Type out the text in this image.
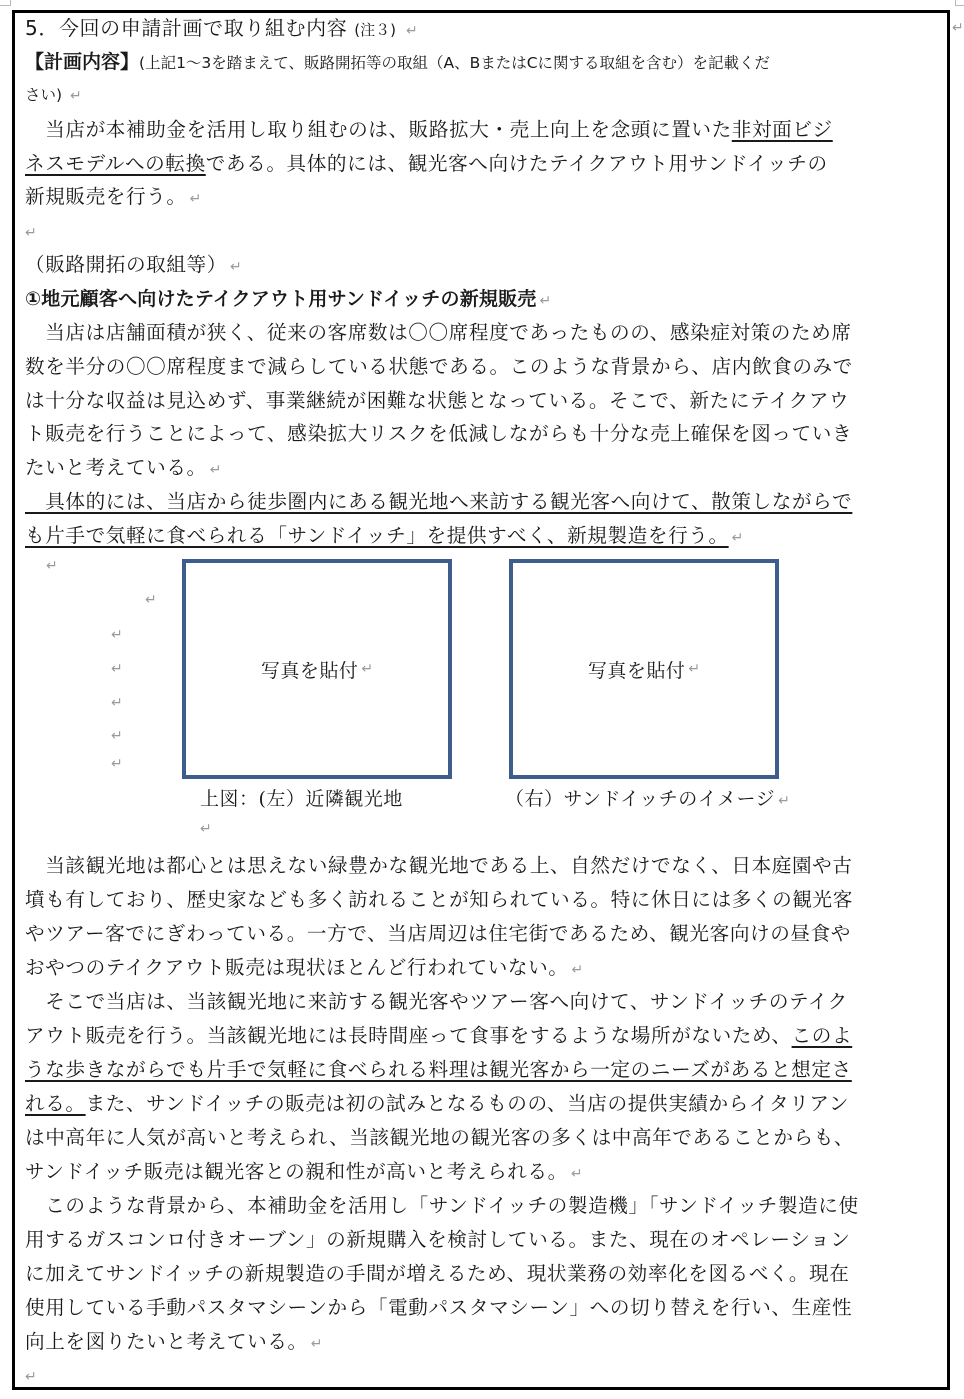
↵
5．今回の申請計画で取り組む内容 (注３) ↵
【計画内容】(上記1～3を踏まえて、販路開拓等の取組（A、BまたはCに関する取組を含む）を記載くだ
さい) ↵
　当店が本補助金を活用し取り組むのは、販路拡大・売上向上を念頭に置いた非対面ビジ
ネスモデルへの転換である。具体的には、観光客へ向けたテイクアウト用サンドイッチの
新規販売を行う。 ↵
↵
（販路開拓の取組等） ↵
①地元顧客へ向けたテイクアウト用サンドイッチの新規販売 ↵
　当店は店舗面積が狭く、従来の客席数は〇〇席程度であったものの、感染症対策のため席
数を半分の〇〇席程度まで減らしている状態である。このような背景から、店内飲食のみで
は十分な収益は見込めず、事業継続が困難な状態となっている。そこで、新たにテイクアウ
ト販売を行うことによって、感染拡大リスクを低減しながらも十分な売上確保を図っていき
たいと考えている。 ↵
　具体的には、当店から徒歩圏内にある観光地へ来訪する観光客へ向けて、散策しながらで
も片手で気軽に食べられる「サンドイッチ」を提供すべく、新規製造を行う。 ↵
↵
↵
↵
↵
↵
↵
↵
写真を貼付 ↵	写真を貼付 ↵
上図：(左）近隣観光地	（右）サンドイッチのイメージ ↵
↵
　当該観光地は都心とは思えない緑豊かな観光地である上、自然だけでなく、日本庭園や古
墳も有しており、歴史家なども多く訪れることが知られている。特に休日には多くの観光客
やツアー客でにぎわっている。一方で、当店周辺は住宅街であるため、観光客向けの昼食や
おやつのテイクアウト販売は現状ほとんど行われていない。 ↵
　そこで当店は、当該観光地に来訪する観光客やツアー客へ向けて、サンドイッチのテイク
アウト販売を行う。当該観光地には長時間座って食事をするような場所がないため、このよ
うな歩きながらでも片手で気軽に食べられる料理は観光客から一定のニーズがあると想定さ
れる。また、サンドイッチの販売は初の試みとなるものの、当店の提供実績からイタリアン
は中高年に人気が高いと考えられ、当該観光地の観光客の多くは中高年であることからも、
サンドイッチ販売は観光客との親和性が高いと考えられる。 ↵
　このような背景から、本補助金を活用し「サンドイッチの製造機」「サンドイッチ製造に使
用するガスコンロ付きオーブン」の新規購入を検討している。また、現在のオペレーション
に加えてサンドイッチの新規製造の手間が増えるため、現状業務の効率化を図るべく。現在
使用している手動パスタマシーンから「電動パスタマシーン」への切り替えを行い、生産性
向上を図りたいと考えている。 ↵
↵
